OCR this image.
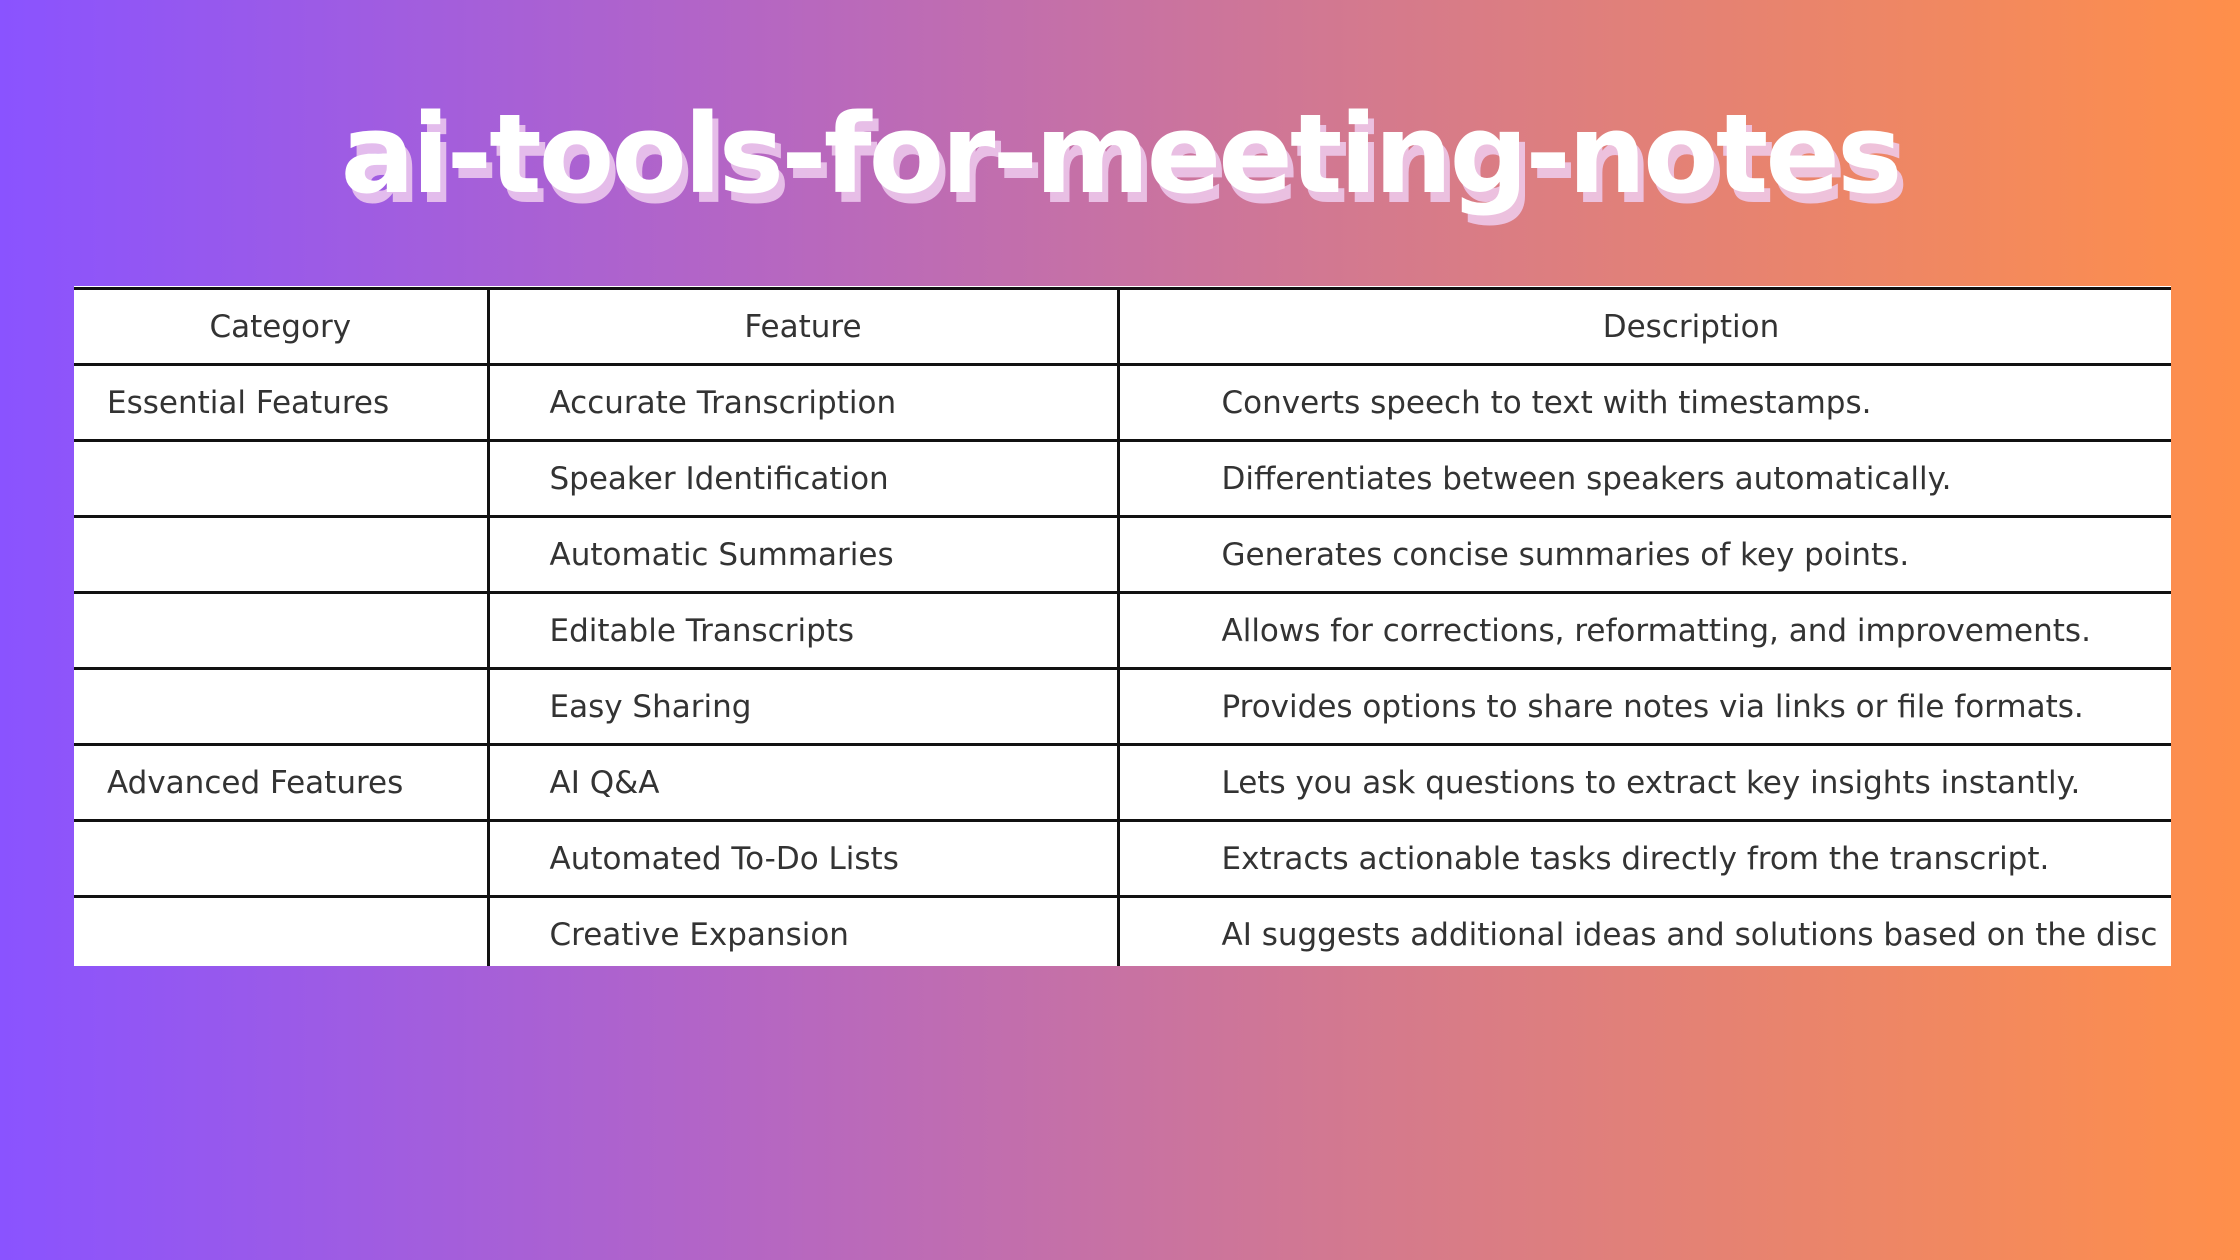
ai-tools-for-meeting-notes
Category	Feature	Description
Essential Features	Accurate Transcription	Converts speech to text with timestamps.
	Speaker Identification	Differentiates between speakers automatically.
	Automatic Summaries	Generates concise summaries of key points.
	Editable Transcripts	Allows for corrections, reformatting, and improvements.
	Easy Sharing	Provides options to share notes via links or file formats.
Advanced Features	AI Q&A	Lets you ask questions to extract key insights instantly.
	Automated To-Do Lists	Extracts actionable tasks directly from the transcript.
	Creative Expansion	AI suggests additional ideas and solutions based on the disc
